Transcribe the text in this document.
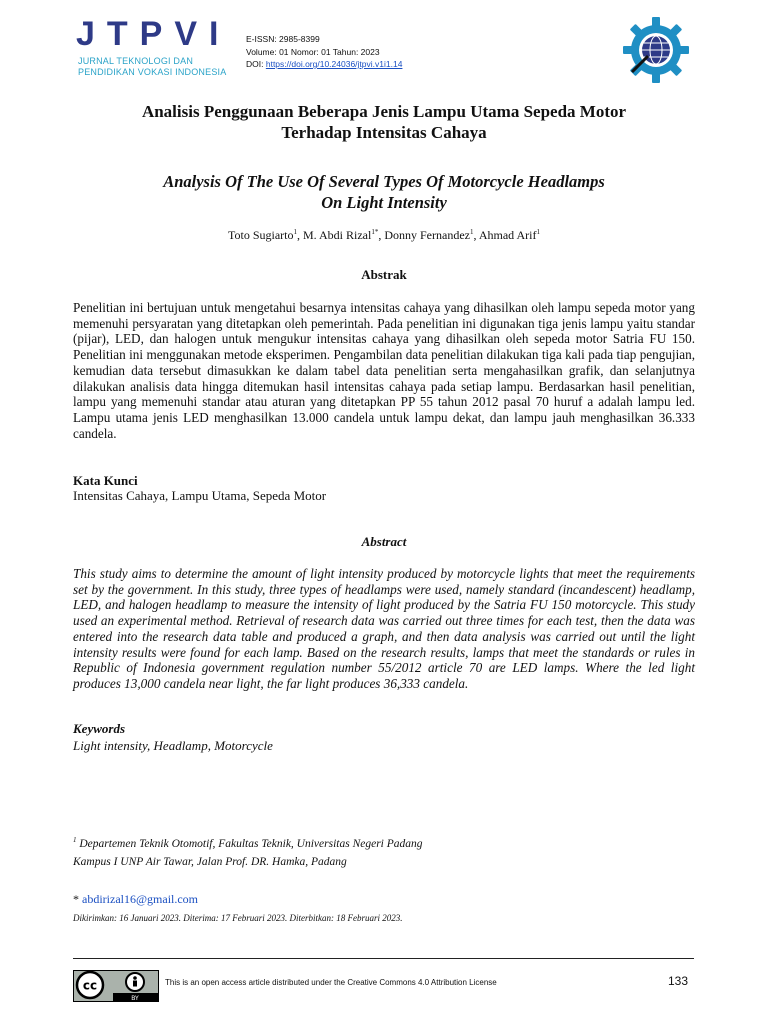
JTPVI
JURNAL TEKNOLOGI DAN
PENDIDIKAN VOKASI INDONESIA
E-ISSN: 2985-8399
Volume: 01 Nomor: 01 Tahun: 2023
DOI: https://doi.org/10.24036/jtpvi.v1i1.14
Analisis Penggunaan Beberapa Jenis Lampu Utama Sepeda Motor
Terhadap Intensitas Cahaya
Analysis Of The Use Of Several Types Of Motorcycle Headlamps
On Light Intensity
Toto Sugiarto$^1$, M. Abdi Rizal$^{1*}$, Donny Fernandez$^1$, Ahmad Arif$^1$
Abstrak
Penelitian ini bertujuan untuk mengetahui besarnya intensitas cahaya yang dihasilkan oleh lampu sepeda motor yang memenuhi persyaratan yang ditetapkan oleh pemerintah. Pada penelitian ini digunakan tiga jenis lampu yaitu standar (pijar), LED, dan halogen untuk mengukur intensitas cahaya yang dihasilkan oleh sepeda motor Satria FU 150. Penelitian ini menggunakan metode eksperimen. Pengambilan data penelitian dilakukan tiga kali pada tiap pengujian, kemudian data tersebut dimasukkan ke dalam tabel data penelitian serta mengahasilkan grafik, dan selanjutnya dilakukan analisis data hingga ditemukan hasil intensitas cahaya pada setiap lampu. Berdasarkan hasil penelitian, lampu yang memenuhi standar atau aturan yang ditetapkan PP 55 tahun 2012 pasal 70 huruf a adalah lampu led. Lampu utama jenis LED menghasilkan 13.000 candela untuk lampu dekat, dan lampu jauh menghasilkan 36.333 candela.
Kata Kunci
Intensitas Cahaya, Lampu Utama, Sepeda Motor
Abstract
This study aims to determine the amount of light intensity produced by motorcycle lights that meet the requirements set by the government. In this study, three types of headlamps were used, namely standard (incandescent) headlamp, LED, and halogen headlamp to measure the intensity of light produced by the Satria FU 150 motorcycle. This study used an experimental method. Retrieval of research data was carried out three times for each test, then the data was entered into the research data table and produced a graph, and then data analysis was carried out until the light intensity results were found for each lamp. Based on the research results, lamps that meet the standards or rules in Republic of Indonesia government regulation number 55/2012 article 70 are LED lamps. Where the led light produces 13,000 candela near light, the far light produces 36,333 candela.
Keywords
Light intensity, Headlamp, Motorcycle
$^1$ Departemen Teknik Otomotif, Fakultas Teknik, Universitas Negeri Padang
Kampus I UNP Air Tawar, Jalan Prof. DR. Hamka, Padang
* abdirizal16@gmail.com
Dikirimkan: 16 Januari 2023. Diterima: 17 Februari 2023. Diterbitkan: 18 Februari 2023.
cc
BY
This is an open access article distributed under the Creative Commons 4.0 Attribution License	133
